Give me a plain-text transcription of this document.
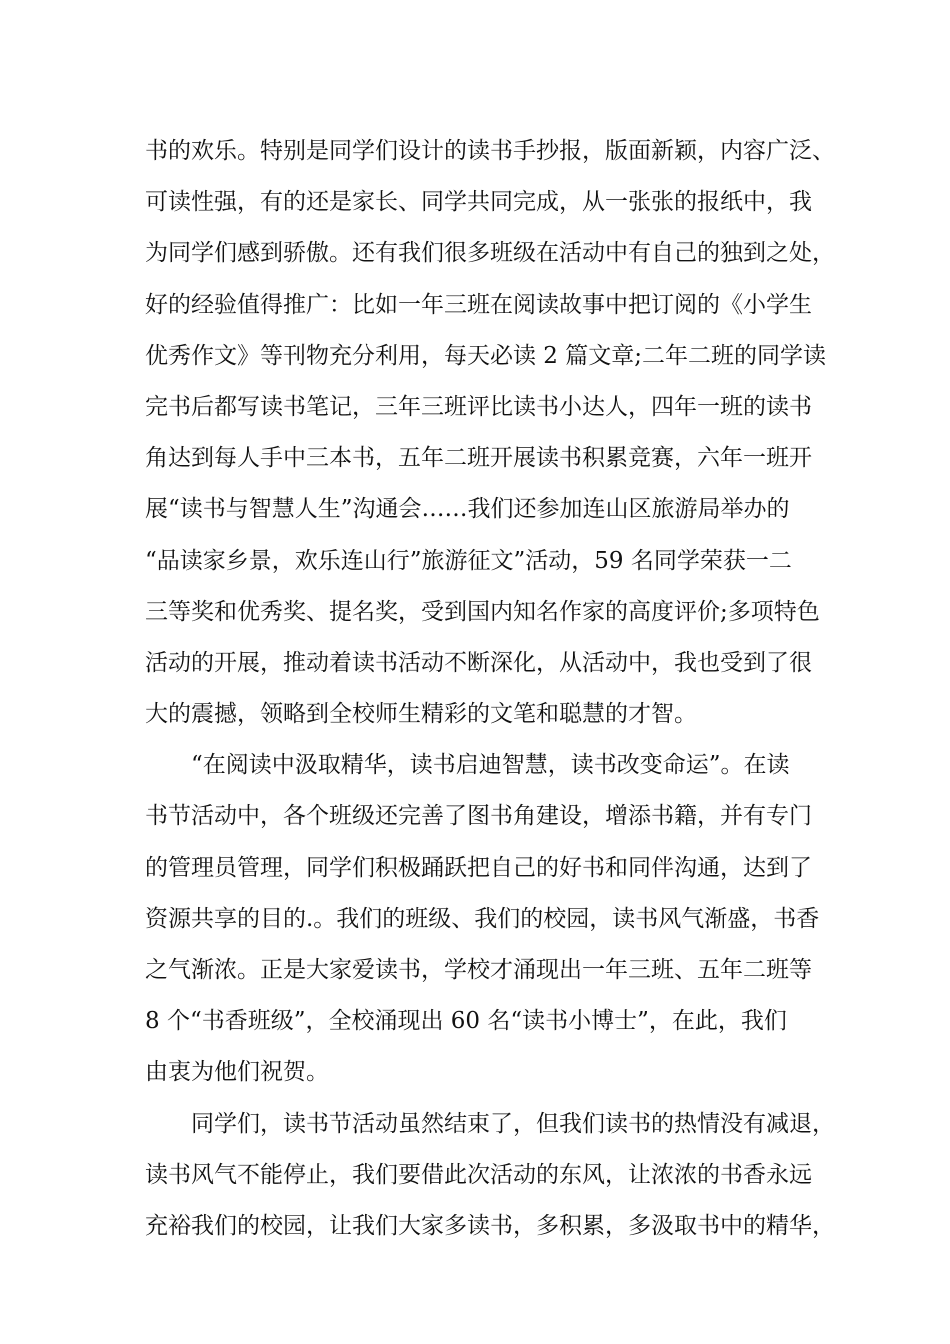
书的欢乐。特别是同学们设计的读书手抄报，版面新颖，内容广泛、
可读性强，有的还是家长、同学共同完成，从一张张的报纸中，我
为同学们感到骄傲。还有我们很多班级在活动中有自己的独到之处，
好的经验值得推广：比如一年三班在阅读故事中把订阅的《小学生
优秀作文》等刊物充分利用，每天必读 2 篇文章;二年二班的同学读
完书后都写读书笔记，三年三班评比读书小达人，四年一班的读书
角达到每人手中三本书，五年二班开展读书积累竞赛，六年一班开
展“读书与智慧人生”沟通会……我们还参加连山区旅游局举办的
“品读家乡景，欢乐连山行”旅游征文”活动，59 名同学荣获一二
三等奖和优秀奖、提名奖，受到国内知名作家的高度评价;多项特色
活动的开展，推动着读书活动不断深化，从活动中，我也受到了很
大的震撼，领略到全校师生精彩的文笔和聪慧的才智。
“在阅读中汲取精华，读书启迪智慧，读书改变命运”。在读
书节活动中，各个班级还完善了图书角建设，增添书籍，并有专门
的管理员管理，同学们积极踊跃把自己的好书和同伴沟通，达到了
资源共享的目的.。我们的班级、我们的校园，读书风气渐盛，书香
之气渐浓。正是大家爱读书，学校才涌现出一年三班、五年二班等
8 个“书香班级”，全校涌现出 60 名“读书小博士”，在此，我们
由衷为他们祝贺。
同学们，读书节活动虽然结束了，但我们读书的热情没有减退，
读书风气不能停止，我们要借此次活动的东风，让浓浓的书香永远
充裕我们的校园，让我们大家多读书，多积累，多汲取书中的精华，
